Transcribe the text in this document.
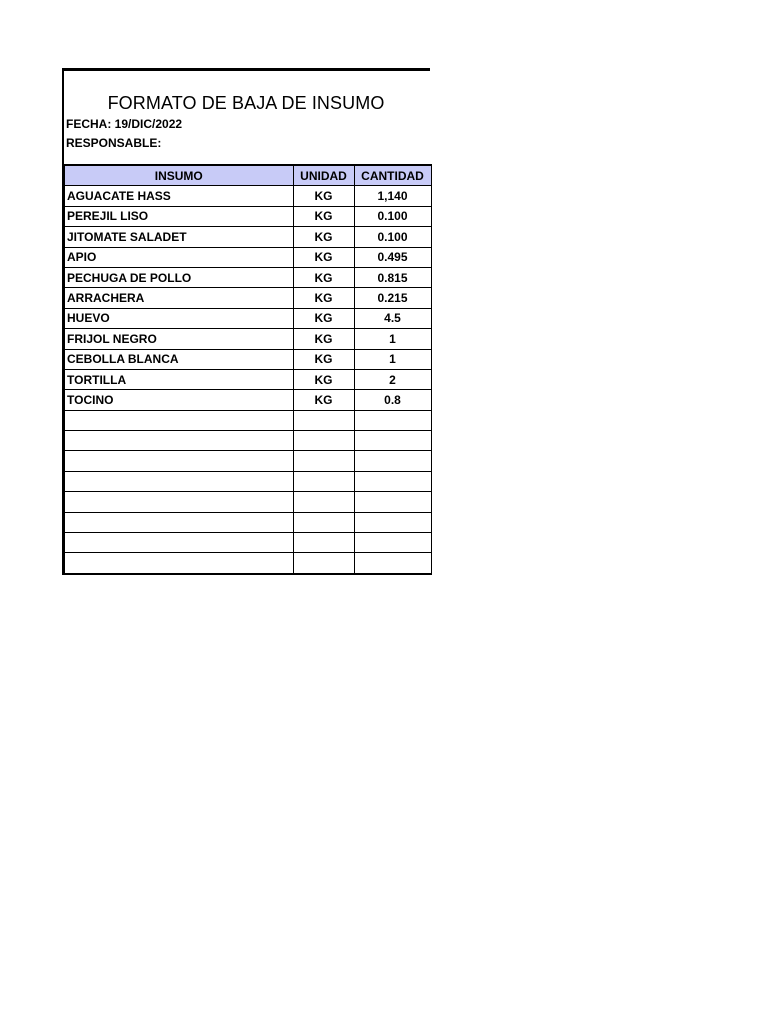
FORMATO DE BAJA DE INSUMO
FECHA: 19/DIC/2022
RESPONSABLE:
INSUMO	UNIDAD	CANTIDAD
AGUACATE HASS	KG	1,140
PEREJIL LISO	KG	0.100
JITOMATE SALADET	KG	0.100
APIO	KG	0.495
PECHUGA DE POLLO	KG	0.815
ARRACHERA	KG	0.215
HUEVO	KG	4.5
FRIJOL NEGRO	KG	1
CEBOLLA BLANCA	KG	1
TORTILLA	KG	2
TOCINO	KG	0.8
